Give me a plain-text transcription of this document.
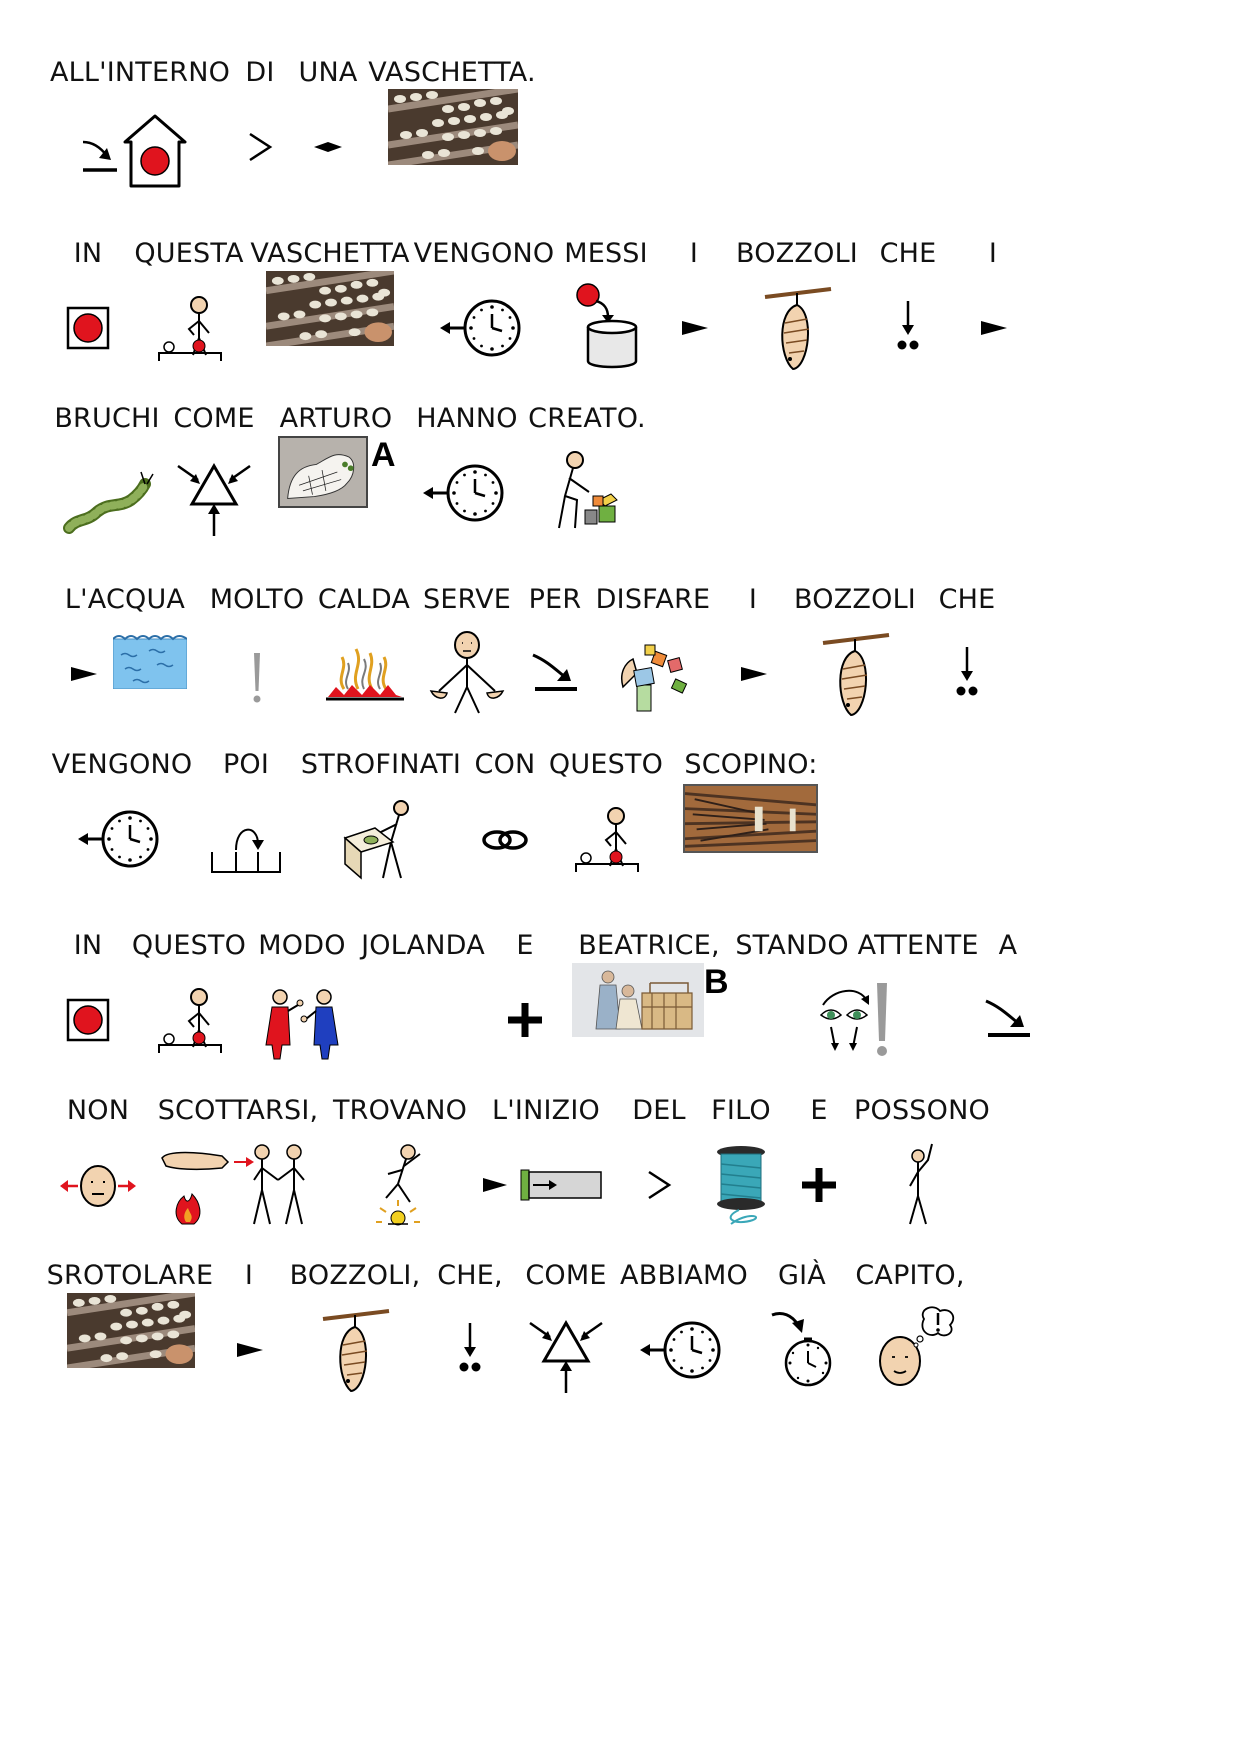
ALL'INTERNO DI UNA VASCHETTA.
IN QUESTA VASCHETTA VENGONO MESSI I BOZZOLI CHE I
BRUCHI COME ARTURO
A
HANNO CREATO.
L'ACQUA MOLTO CALDA SERVE PER DISFARE I BOZZOLI CHE
VENGONO POI STROFINATI CON QUESTO SCOPINO:
IN QUESTO MODO JOLANDA E BEATRICE,
B
STANDO ATTENTE A
NON SCOTTARSI, TROVANO L'INIZIO DEL FILO E POSSONO
SROTOLARE I BOZZOLI, CHE, COME ABBIAMO GIÀ CAPITO,
